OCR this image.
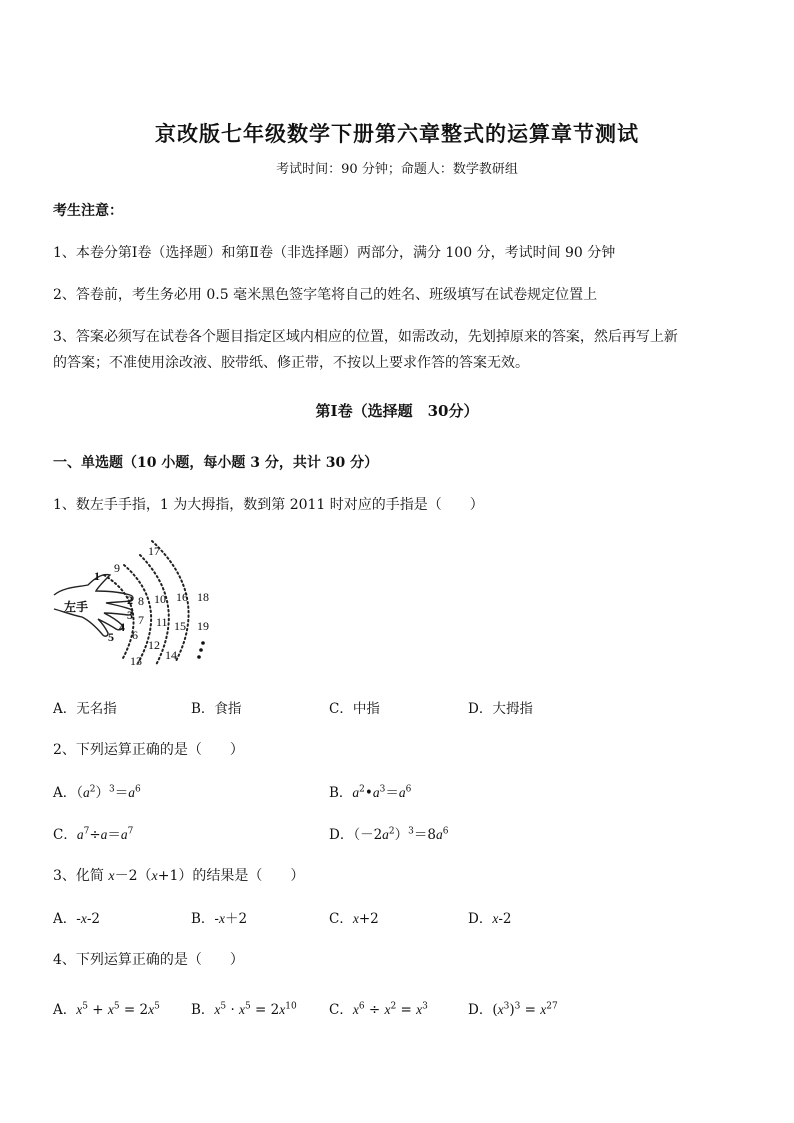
京改版七年级数学下册第六章整式的运算章节测试
考试时间：90 分钟；命题人：数学教研组
考生注意：
1、本卷分第Ⅰ卷（选择题）和第Ⅱ卷（非选择题）两部分，满分 100 分，考试时间 90 分钟
2、答卷前，考生务必用 0.5 毫米黑色签字笔将自己的姓名、班级填写在试卷规定位置上
3、答案必须写在试卷各个题目指定区域内相应的位置，如需改动，先划掉原来的答案，然后再写上新
的答案；不准使用涂改液、胶带纸、修正带，不按以上要求作答的答案无效。
第Ⅰ卷（选择题　30分）
一、单选题（10 小题，每小题 3 分，共计 30 分）
1、数左手手指，1 为大拇指，数到第 2011 时对应的手指是（　　）
左手
1
2
3
4
5 6
7
8
9
10
11
12
13 14
15
16
17
18
19
A．无名指	B．食指	C．中指	D．大拇指
2、下列运算正确的是（　　）
A．$(a^2)^3=a^6$	B．$a^2•a^3=a^6$
C．$a^7\div a=a^7$	D．$(-2a^2)^3=8a^6$
3、化简 x－2（x+1）的结果是（　　）
A．-x-2	B．-x＋2	C．x+2	D．x-2
4、下列运算正确的是（　　）
A．$x^5 + x^5 = 2x^5$ B．$x^5 \cdot x^5 = 2x^{10}$ C．$x^6 \div x^2 = x^3$	D．$(x^3)^3 = x^{27}$
